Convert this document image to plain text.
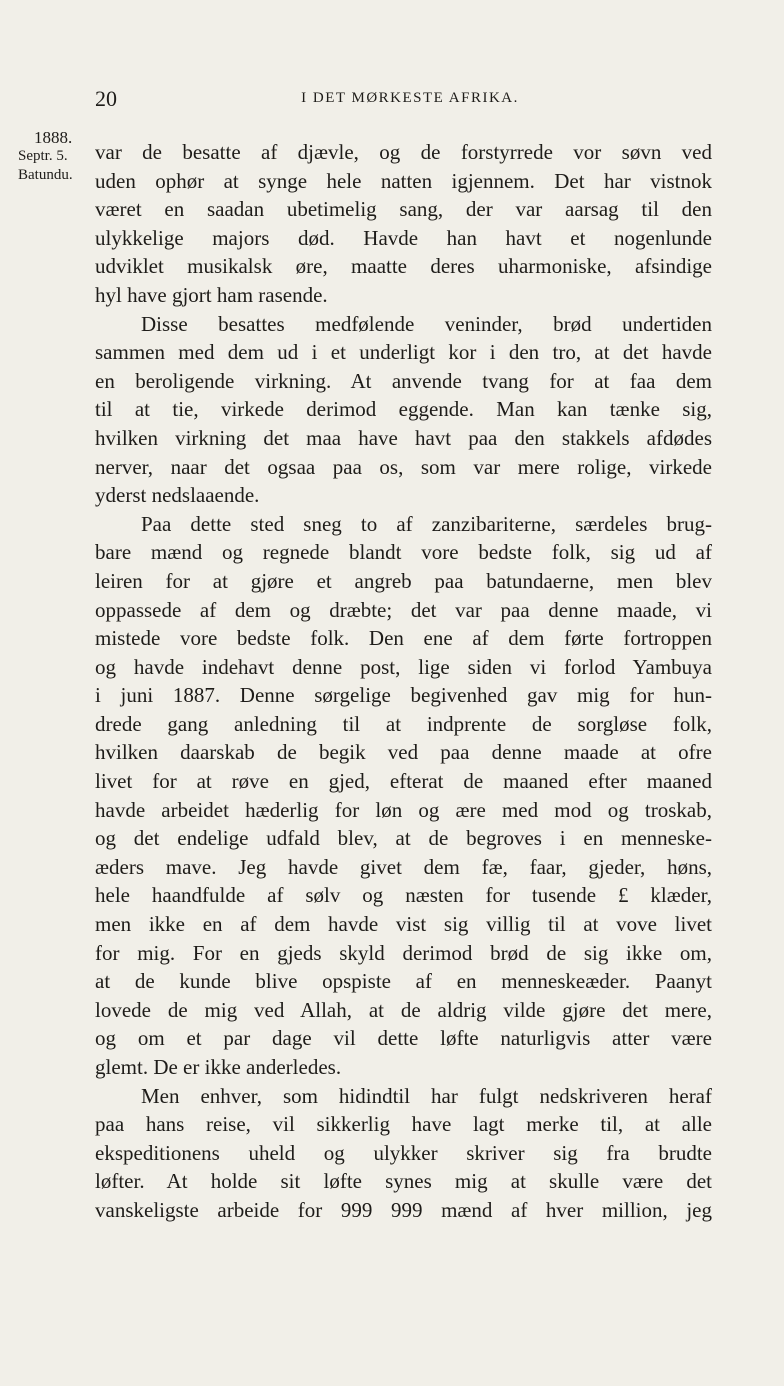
20	I DET MØRKESTE AFRIKA.
1888.
Septr. 5.
Batundu.
var de besatte af djævle, og de forstyrrede vor søvn ved
uden ophør at synge hele natten igjennem. Det har vistnok
været en saadan ubetimelig sang, der var aarsag til den
ulykkelige majors død. Havde han havt et nogenlunde
udviklet musikalsk øre, maatte deres uharmoniske, afsindige
hyl have gjort ham rasende.
Disse besattes medfølende veninder, brød undertiden
sammen med dem ud i et underligt kor i den tro, at det havde
en beroligende virkning. At anvende tvang for at faa dem
til at tie, virkede derimod eggende. Man kan tænke sig,
hvilken virkning det maa have havt paa den stakkels afdødes
nerver, naar det ogsaa paa os, som var mere rolige, virkede
yderst nedslaaende.
Paa dette sted sneg to af zanzibariterne, særdeles brug-
bare mænd og regnede blandt vore bedste folk, sig ud af
leiren for at gjøre et angreb paa batundaerne, men blev
oppassede af dem og dræbte; det var paa denne maade, vi
mistede vore bedste folk. Den ene af dem førte fortroppen
og havde indehavt denne post, lige siden vi forlod Yambuya
i juni 1887. Denne sørgelige begivenhed gav mig for hun-
drede gang anledning til at indprente de sorgløse folk,
hvilken daarskab de begik ved paa denne maade at ofre
livet for at røve en gjed, efterat de maaned efter maaned
havde arbeidet hæderlig for løn og ære med mod og troskab,
og det endelige udfald blev, at de begroves i en menneske-
æders mave. Jeg havde givet dem fæ, faar, gjeder, høns,
hele haandfulde af sølv og næsten for tusende £ klæder,
men ikke en af dem havde vist sig villig til at vove livet
for mig. For en gjeds skyld derimod brød de sig ikke om,
at de kunde blive opspiste af en menneskeæder. Paanyt
lovede de mig ved Allah, at de aldrig vilde gjøre det mere,
og om et par dage vil dette løfte naturligvis atter være
glemt. De er ikke anderledes.
Men enhver, som hidindtil har fulgt nedskriveren heraf
paa hans reise, vil sikkerlig have lagt merke til, at alle
ekspeditionens uheld og ulykker skriver sig fra brudte
løfter. At holde sit løfte synes mig at skulle være det
vanskeligste arbeide for 999 999 mænd af hver million, jeg
